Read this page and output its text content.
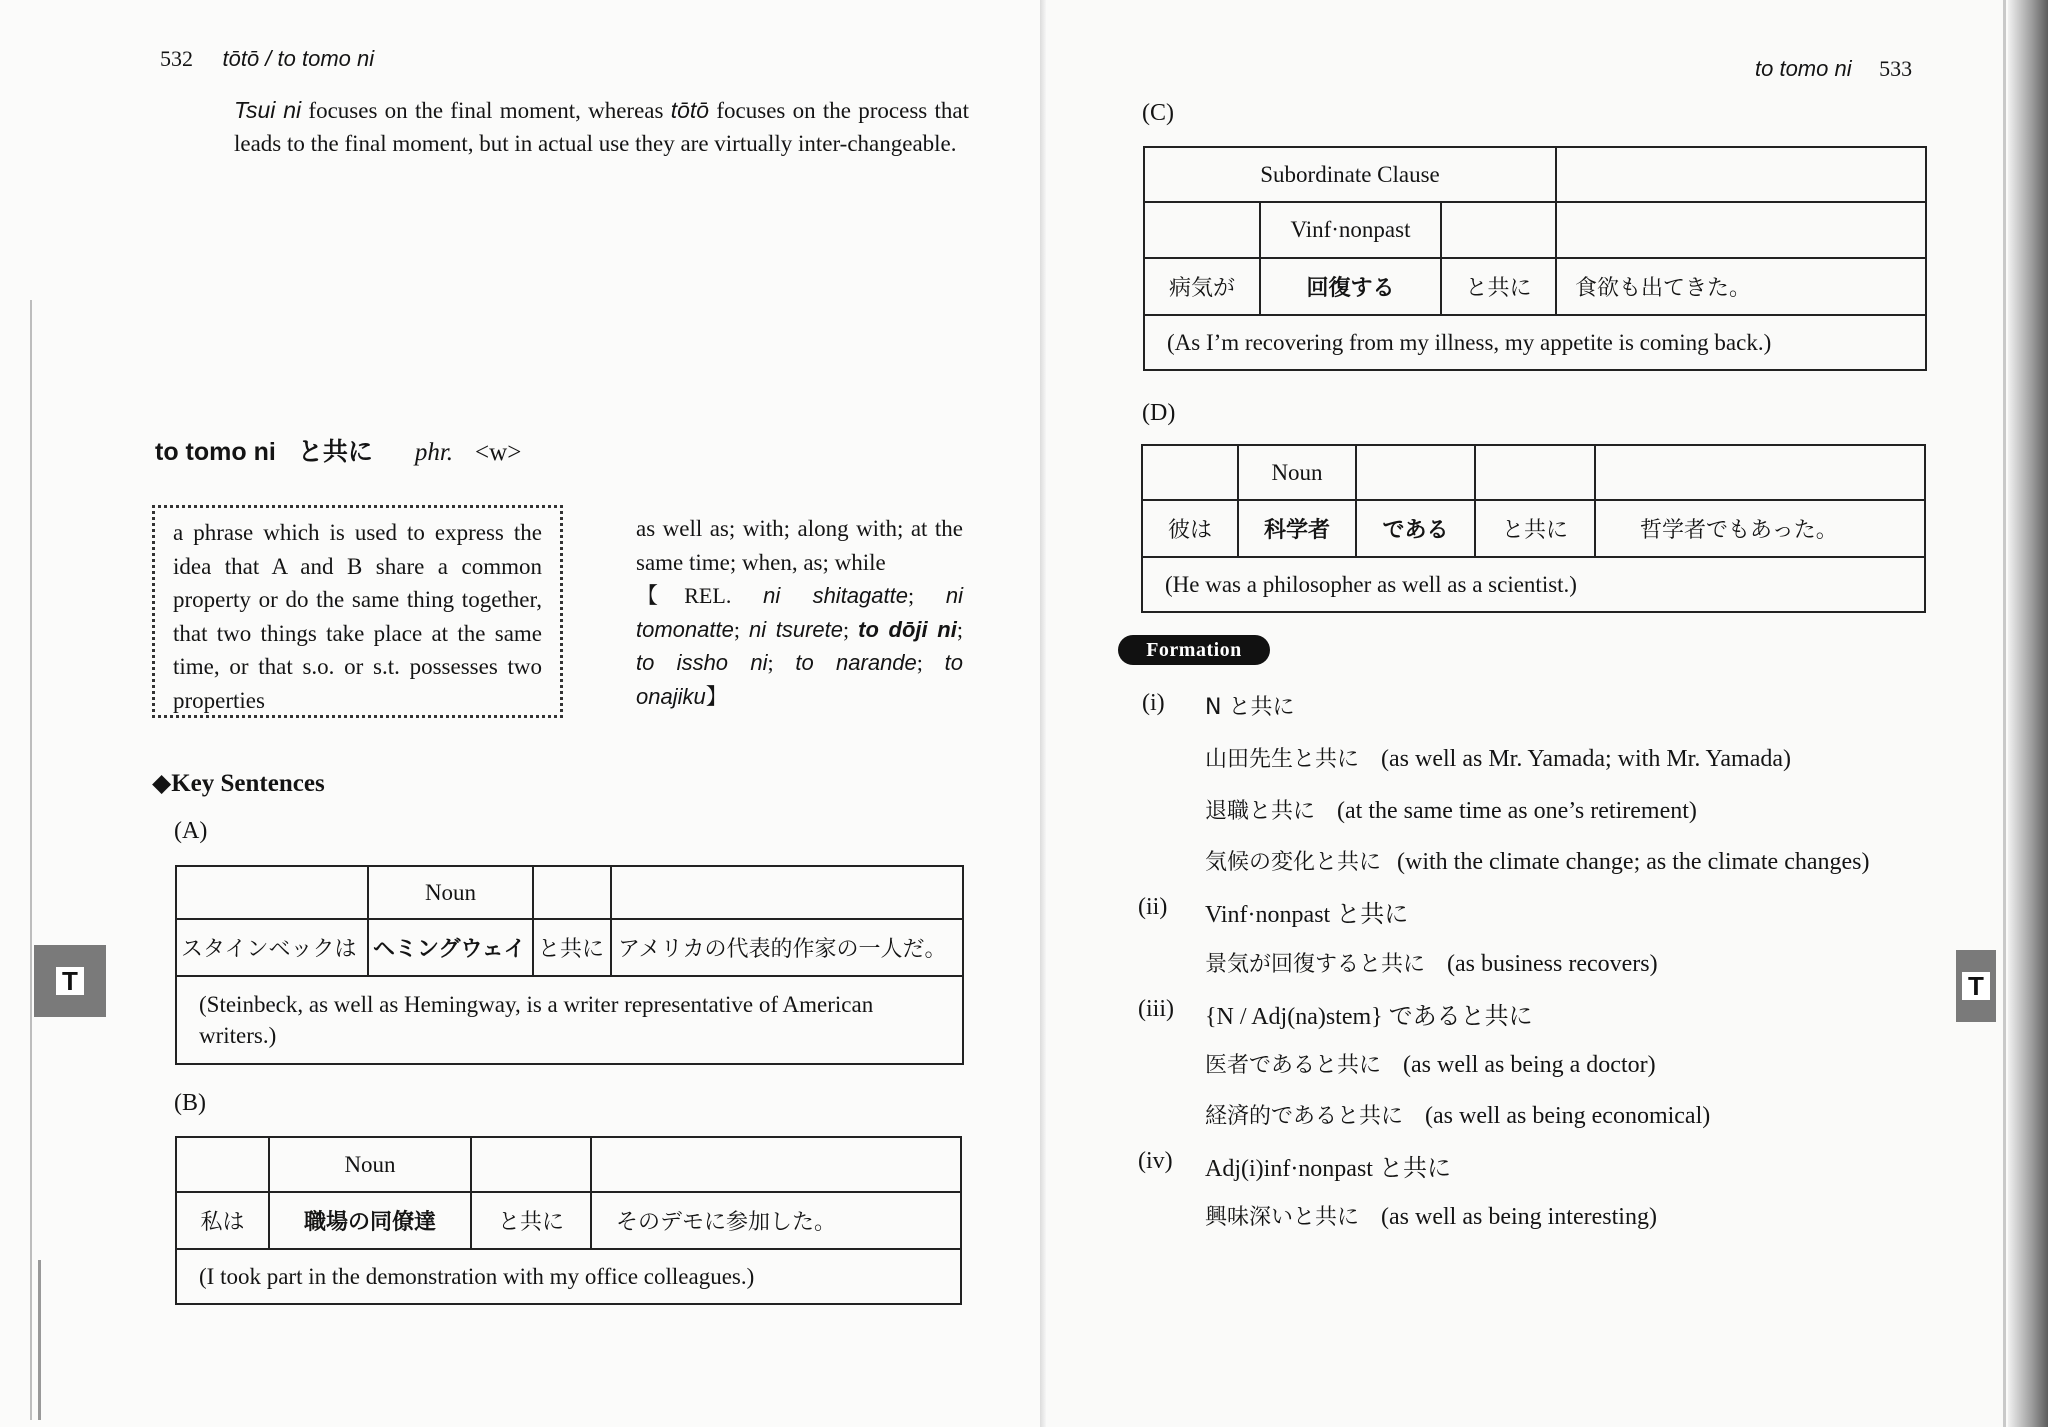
532 tōtō / to tomo ni
Tsui ni focuses on the final moment, whereas tōtō focuses on the process that leads to the final moment, but in actual use they are virtually inter-changeable.
to tomo ni と共に phr. <w>
a phrase which is used to express the idea that A and B share a common property or do the same thing together, that two things take place at the same time, or that s.o. or s.t. possesses two properties
as well as; with; along with; at the same time; when, as; while
【REL. ni shitagatte; ni tomonatte; ni tsurete; to dōji ni; to issho ni; to narande; to onajiku】
◆Key Sentences
(A)
	Noun		
スタインベックは	ヘミングウェイ	と共に	アメリカの代表的作家の一人だ。
(Steinbeck, as well as Hemingway, is a writer representative of American writers.)			
(B)
	Noun		
私は	職場の同僚達	と共に	そのデモに参加した。
(I took part in the demonstration with my office colleagues.)			
T
to tomo ni 533
(C)
Subordinate Clause			
	Vinf·nonpast		
病気が	回復する	と共に	食欲も出てきた。
(As I’m recovering from my illness, my appetite is coming back.)			
(D)
	Noun			
彼は	科学者	である	と共に	哲学者でもあった。
(He was a philosopher as well as a scientist.)				
Formation
(i) N と共に
山田先生と共に (as well as Mr. Yamada; with Mr. Yamada)
退職と共に (at the same time as one’s retirement)
気候の変化と共に (with the climate change; as the climate changes)
(ii) Vinf·nonpast と共に
景気が回復すると共に (as business recovers)
(iii) {N / Adj(na)stem} であると共に
医者であると共に (as well as being a doctor)
経済的であると共に (as well as being economical)
(iv) Adj(i)inf·nonpast と共に
興味深いと共に (as well as being interesting)
T
